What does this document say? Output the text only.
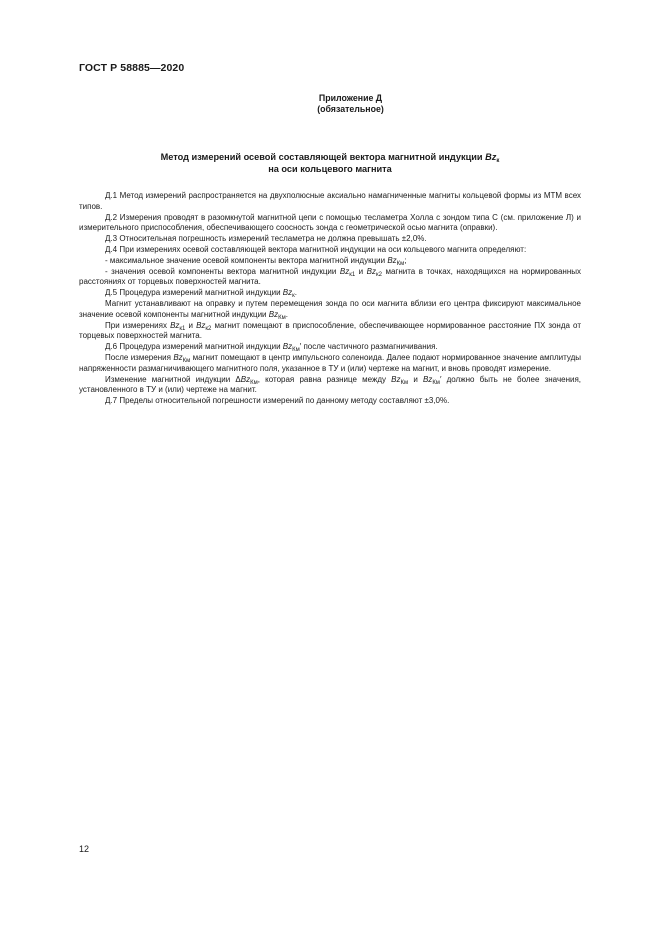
ГОСТ Р 58885—2020
Приложение Д
(обязательное)
Метод измерений осевой составляющей вектора магнитной индукции $Bz_к$
на оси кольцевого магнита

Д.1 Метод измерений распространяется на двухполюсные аксиально намагниченные магниты кольцевой формы из МТМ всех типов.

Д.2 Измерения проводят в разомкнутой магнитной цепи с помощью тесламетра Холла с зондом типа С (см. приложение Л) и измерительного приспособления, обеспечивающего соосность зонда с геометрической осью магнита (оправки).

Д.3 Относительная погрешность измерений тесламетра не должна превышать ±2,0%.

Д.4 При измерениях осевой составляющей вектора магнитной индукции на оси кольцевого магнита определяют:

- максимальное значение осевой компоненты вектора магнитной индукции $Bz_{Км}$;

- значения осевой компоненты вектора магнитной индукции $Bz_{к1}$ и $Bz_{к2}$ магнита в точках, находящихся на нормированных расстояниях от торцевых поверхностей магнита.

Д.5 Процедура измерений магнитной индукции $Bz_к$.

Магнит устанавливают на оправку и путем перемещения зонда по оси магнита вблизи его центра фиксируют максимальное значение осевой компоненты магнитной индукции $Bz_{Км}$.

При измерениях $Bz_{к1}$ и $Bz_{к2}$ магнит помещают в приспособление, обеспечивающее нормированное расстояние ПХ зонда от торцевых поверхностей магнита.

Д.6 Процедура измерений магнитной индукции $Bz_{Км}'$ после частичного размагничивания.

После измерения $Bz_{Км}$ магнит помещают в центр импульсного соленоида. Далее подают нормированное значение амплитуды напряженности размагничивающего магнитного поля, указанное в ТУ и (или) чертеже на магнит, и вновь проводят измерение.

Изменение магнитной индукции ΔBz$_{Км}$, которая равна разнице между $Bz_{Км}$ и $Bz_{Км}'$ должно быть не более значения, установленного в ТУ и (или) чертеже на магнит.

Д.7 Пределы относительной погрешности измерений по данному методу составляют ±3,0%.

12
